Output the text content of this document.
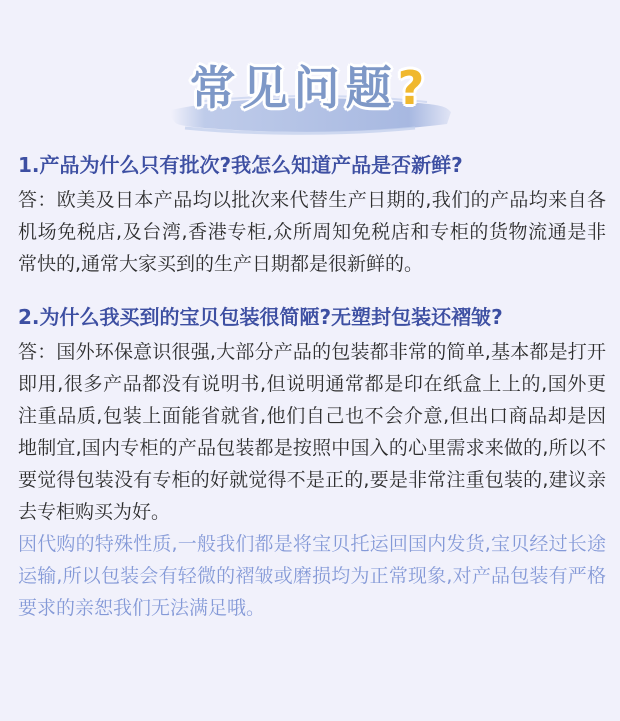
常见问题?

1.产品为什么只有批次?我怎么知道产品是否新鲜?

答：欧美及日本产品均以批次来代替生产日期的,我们的产品均来自各机场免税店,及台湾,香港专柜,众所周知免税店和专柜的货物流通是非常快的,通常大家买到的生产日期都是很新鲜的。

2.为什么我买到的宝贝包装很简陋?无塑封包装还褶皱?

答：国外环保意识很强,大部分产品的包装都非常的简单,基本都是打开即用,很多产品都没有说明书,但说明通常都是印在纸盒上上的,国外更注重品质,包装上面能省就省,他们自己也不会介意,但出口商品却是因地制宜,国内专柜的产品包装都是按照中国入的心里需求来做的,所以不要觉得包装没有专柜的好就觉得不是正的,要是非常注重包装的,建议亲去专柜购买为好。

因代购的特殊性质,一般我们都是将宝贝托运回国内发货,宝贝经过长途运输,所以包装会有轻微的褶皱或磨损均为正常现象,对产品包装有严格要求的亲恕我们无法满足哦。
